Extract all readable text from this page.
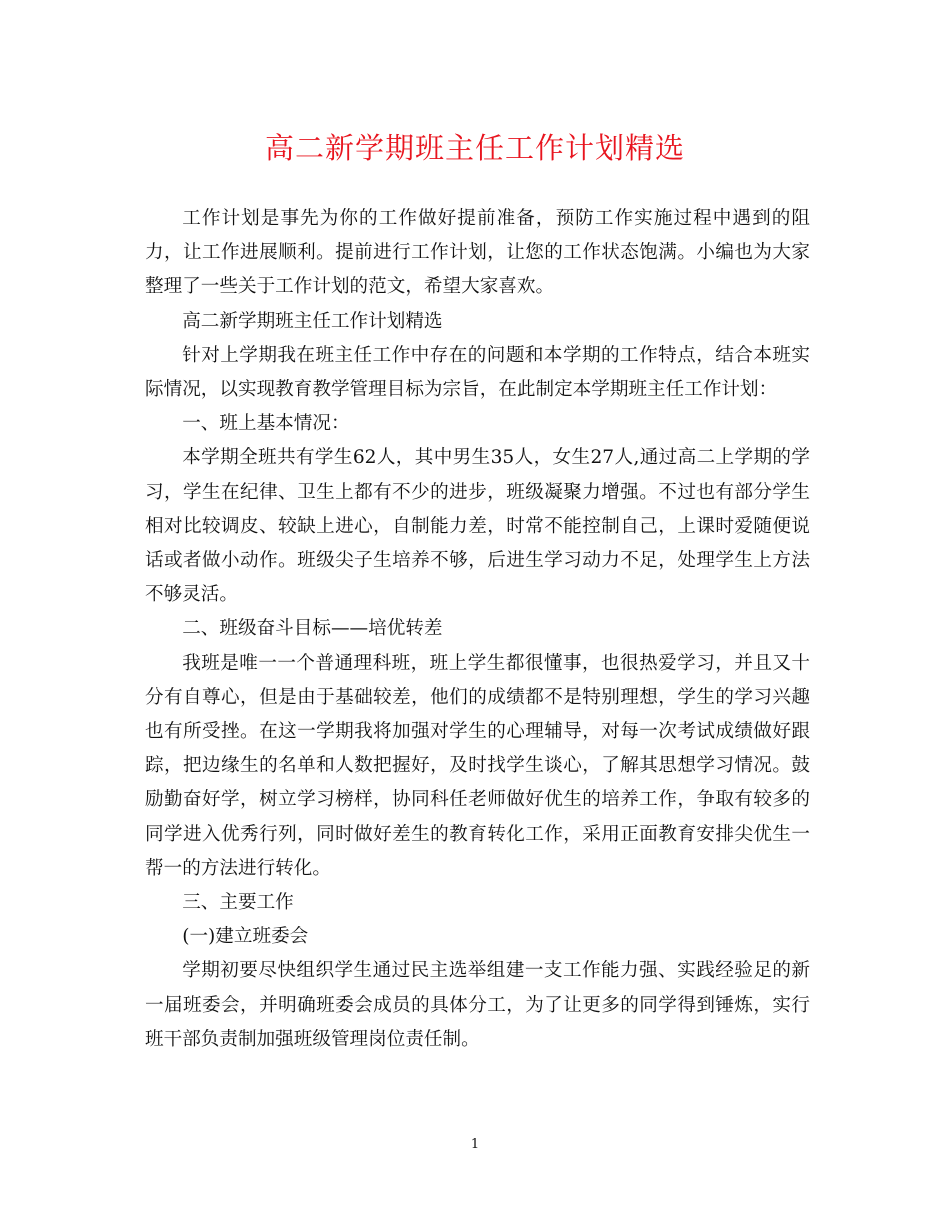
高二新学期班主任工作计划精选

工作计划是事先为你的工作做好提前准备，预防工作实施过程中遇到的阻力，让工作进展顺利。提前进行工作计划，让您的工作状态饱满。小编也为大家整理了一些关于工作计划的范文，希望大家喜欢。

高二新学期班主任工作计划精选

针对上学期我在班主任工作中存在的问题和本学期的工作特点，结合本班实际情况，以实现教育教学管理目标为宗旨，在此制定本学期班主任工作计划：

一、班上基本情况：

本学期全班共有学生62人，其中男生35人，女生27人,通过高二上学期的学习，学生在纪律、卫生上都有不少的进步，班级凝聚力增强。不过也有部分学生相对比较调皮、较缺上进心，自制能力差，时常不能控制自己，上课时爱随便说话或者做小动作。班级尖子生培养不够，后进生学习动力不足，处理学生上方法不够灵活。

二、班级奋斗目标——培优转差

我班是唯一一个普通理科班，班上学生都很懂事，也很热爱学习，并且又十分有自尊心，但是由于基础较差，他们的成绩都不是特别理想，学生的学习兴趣也有所受挫。在这一学期我将加强对学生的心理辅导，对每一次考试成绩做好跟踪，把边缘生的名单和人数把握好，及时找学生谈心，了解其思想学习情况。鼓励勤奋好学，树立学习榜样，协同科任老师做好优生的培养工作，争取有较多的同学进入优秀行列，同时做好差生的教育转化工作，采用正面教育安排尖优生一帮一的方法进行转化。

三、主要工作

(一)建立班委会

学期初要尽快组织学生通过民主选举组建一支工作能力强、实践经验足的新一届班委会，并明确班委会成员的具体分工，为了让更多的同学得到锤炼，实行班干部负责制加强班级管理岗位责任制。

1
